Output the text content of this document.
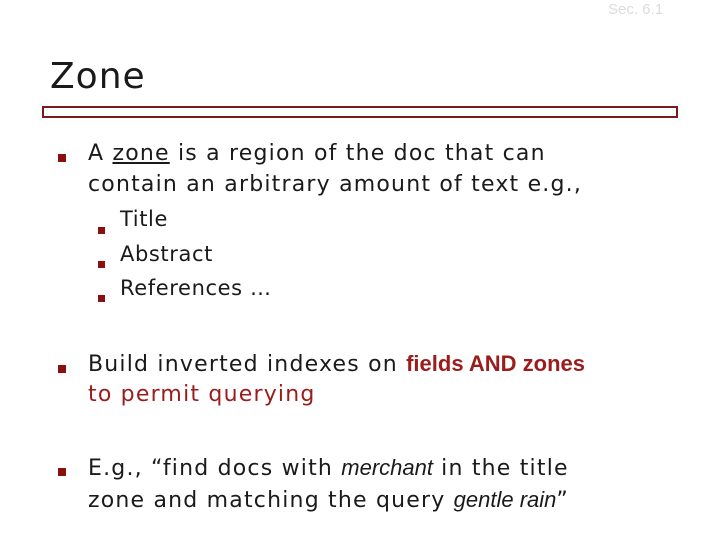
Sec. 6.1
Zone
A zone is a region of the doc that can
contain an arbitrary amount of text e.g.,
Title
Abstract
References …
Build inverted indexes on fields AND zones
to permit querying
E.g., “find docs with merchant in the title
zone and matching the query gentle rain”
